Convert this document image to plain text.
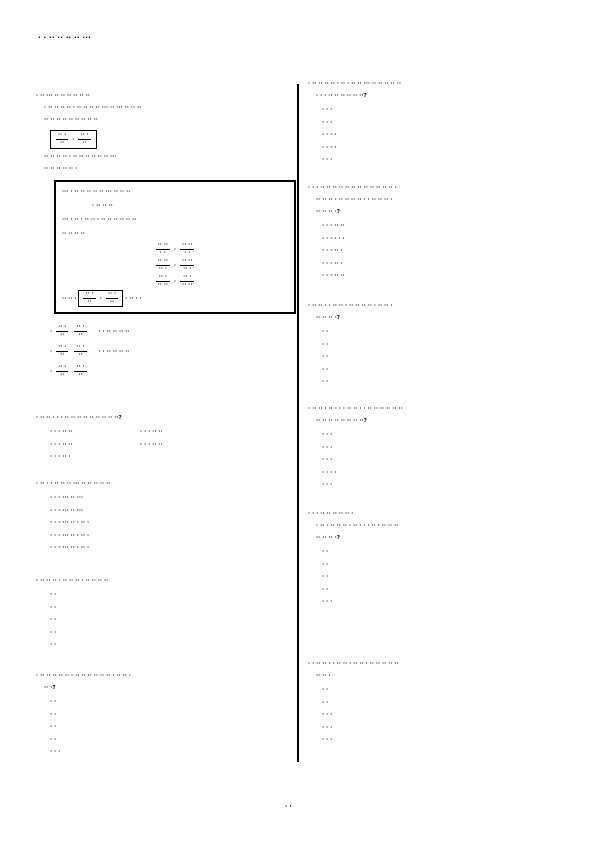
· · ·· ·· ·· ·· ···
· ·· ··· ·· ·· ·· ·· ·· ··
· ·· ·· ·· ·· · ·· ·· ·· ·· ··· ·· ··· ·· ·· ··
·· ·· ·· ·· ·· ·· ·· ·· ··
$\frac{\cdot\cdot \cdot}{\cdot\cdot} \cdot \frac{\cdot\cdot \cdot}{\cdot\cdot}$
·· ·· ·· ·· · ·· ·· ·· ·· ·· ·· ···
·· ·· ·· ·· ·· ·
··· · ·· ·· ·· ·· ·· ··· ·· ·· ··
· ·· ·· ··
··· · ·· · ·· ·· · ·· ·· ·· ·· ·· ··
·· ·· ·· ··
$\frac{\cdot\cdot \cdot\cdot}{\cdot \cdot} \cdot \frac{\cdot\cdot \cdot\cdot}{\cdot \cdot}$
$\frac{\cdot\cdot \cdot\cdot}{\cdot\cdot \cdot} \cdot \frac{\cdot\cdot \cdot\cdot}{\cdot\cdot \cdot}$
$\frac{\cdot\cdot \cdot}{\cdot\cdot \cdot\cdot} \cdot \frac{\cdot\cdot \cdot}{\cdot\cdot \cdot\cdot}$
·· ·· · $\frac{\cdot\cdot \cdot}{\cdot\cdot} \cdot \frac{\cdot\cdot \cdot}{\cdot\cdot}$ · ·· · ·
· $\frac{\cdot\cdot \cdot}{\cdot\cdot}$
$\frac{\cdot\cdot \cdot}{\cdot\cdot}$ · · ·· ·· ·· ··
· $\frac{\cdot\cdot \cdot}{\cdot\cdot}$
$\frac{\cdot\cdot \cdot}{\cdot\cdot}$ · · ·· ·· ·· ··
· $\frac{\cdot\cdot \cdot}{\cdot\cdot}$
$\frac{\cdot\cdot \cdot}{\cdot\cdot}$
· ·· ·· · · · ·· ·· ·· ·· ·· ·· ·· ·· ··?
· · · ·· ··	· · · ·· ··
· · · ·· ··	· · · ·· ··
· · · ·· ·
· ·· · · ·· ·· ·· ··· ·· ·· ·· ·· ··
· · · ··· ·· ···
· · · ··· ·· ···
· · · ··· ·· · ·· ·
· · · ··· ·· · ·· ·
· · · ··· ·· · ·· ·
· ·· ·· ·· · ·· ·· ·· · ·· ·· ·· ··
· ·
· ·
· ·
· ·
· ·
· ·· ·· ·· ·· ·· · ·· ·· ·· ·· ·· ·· · ·· ·· ·
·· ·?
· ·
· ·
· ·
· ·
· · ·
· ·· ·· ·· ·· · ·· · ·· ·· ··· ·· ·· ·· ·· ··
· · · ·· ·· ·· ·· ·· ··?
· · ·
· · ·
· · · ·
· · · ·
· · ·
· · · ·· ·· ·· ·· ·· ·· ·· ·· ·· ·· ·· ·· ·
·· ·· ·· · ·· ·· ·· ·· · · ·· ·· ·· ·
·· ·· ·· ·?
· · · ·· ··
· · · · · ·
· · · ·· ·
· · · ·· ·
· · · ·· ··
· ·· ·· · · ·· ·· · ·· ·· ·· ·· · ·· ·· ·
·· ·· ·· ·?
· ·
· ·
· ·
· ·
· ·
· ·· ·· · ·· · · · ·· ·· · · ·· ·· ·· ·· ·· ··
·· ·· ·· ·· ·· ·· ·· ··?
· · ·
· · ·
· · ·
· · · ·
· · ·
· · · ·· ·· ·· ·· ·· ·
· ·· · ·· ·· ·· · ·· · · · ·· · ·· ·· ··
·· ·· ·· ·?
· ·
· ·
· ·
· ·
· · ·
· · ·· ·· · · ·· ·· · ·· ·· · ·· ·· ·· ·· ··
·· ·· ·
· ·
· ·
· · ·
· · ·
· · ·
· ·
